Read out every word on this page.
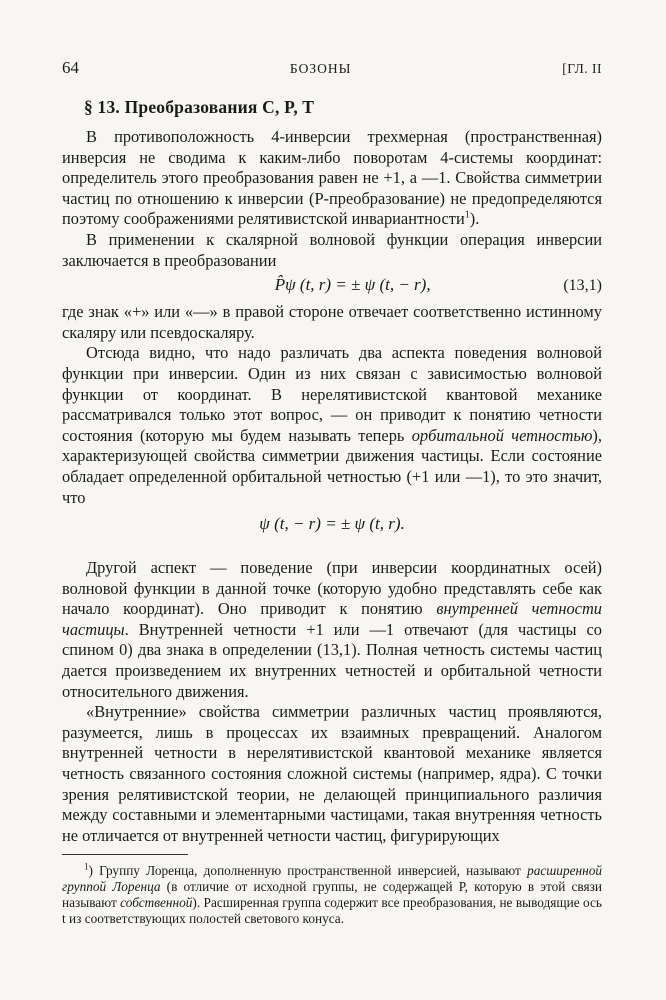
64	БОЗОНЫ	[ГЛ. II
§ 13. Преобразования C, P, T

В противоположность 4-инверсии трехмерная (пространственная) инверсия не сводима к каким-либо поворотам 4-системы координат: определитель этого преобразования равен не +1, а —1. Свойства симметрии частиц по отношению к инверсии (P-преобразование) не предопределяются поэтому соображениями релятивистской инвариантности$^1$).

В применении к скалярной волновой функции операция инверсии заключается в преобразовании

P̂ψ (t, r) = ± ψ (t, − r),	(13,1)

где знак «+» или «—» в правой стороне отвечает соответственно истинному скаляру или псевдоскаляру.

Отсюда видно, что надо различать два аспекта поведения волновой функции при инверсии. Один из них связан с зависимостью волновой функции от координат. В нерелятивистской квантовой механике рассматривался только этот вопрос, — он приводит к понятию четности состояния (которую мы будем называть теперь орбитальной четностью), характеризующей свойства симметрии движения частицы. Если состояние обладает определенной орбитальной четностью (+1 или —1), то это значит, что

ψ (t, − r) = ± ψ (t, r).

Другой аспект — поведение (при инверсии координатных осей) волновой функции в данной точке (которую удобно представлять себе как начало координат). Оно приводит к понятию внутренней четности частицы. Внутренней четности +1 или —1 отвечают (для частицы со спином 0) два знака в определении (13,1). Полная четность системы частиц дается произведением их внутренних четностей и орбитальной четности относительного движения.

«Внутренние» свойства симметрии различных частиц проявляются, разумеется, лишь в процессах их взаимных превращений. Аналогом внутренней четности в нерелятивистской квантовой механике является четность связанного состояния сложной системы (например, ядра). С точки зрения релятивистской теории, не делающей принципиального различия между составными и элементарными частицами, такая внутренняя четность не отличается от внутренней четности частиц, фигурирующих

$^1$) Группу Лоренца, дополненную пространственной инверсией, называют расширенной группой Лоренца (в отличие от исходной группы, не содержащей P, которую в этой связи называют собственной). Расширенная группа содержит все преобразования, не выводящие ось t из соответствующих полостей светового конуса.
